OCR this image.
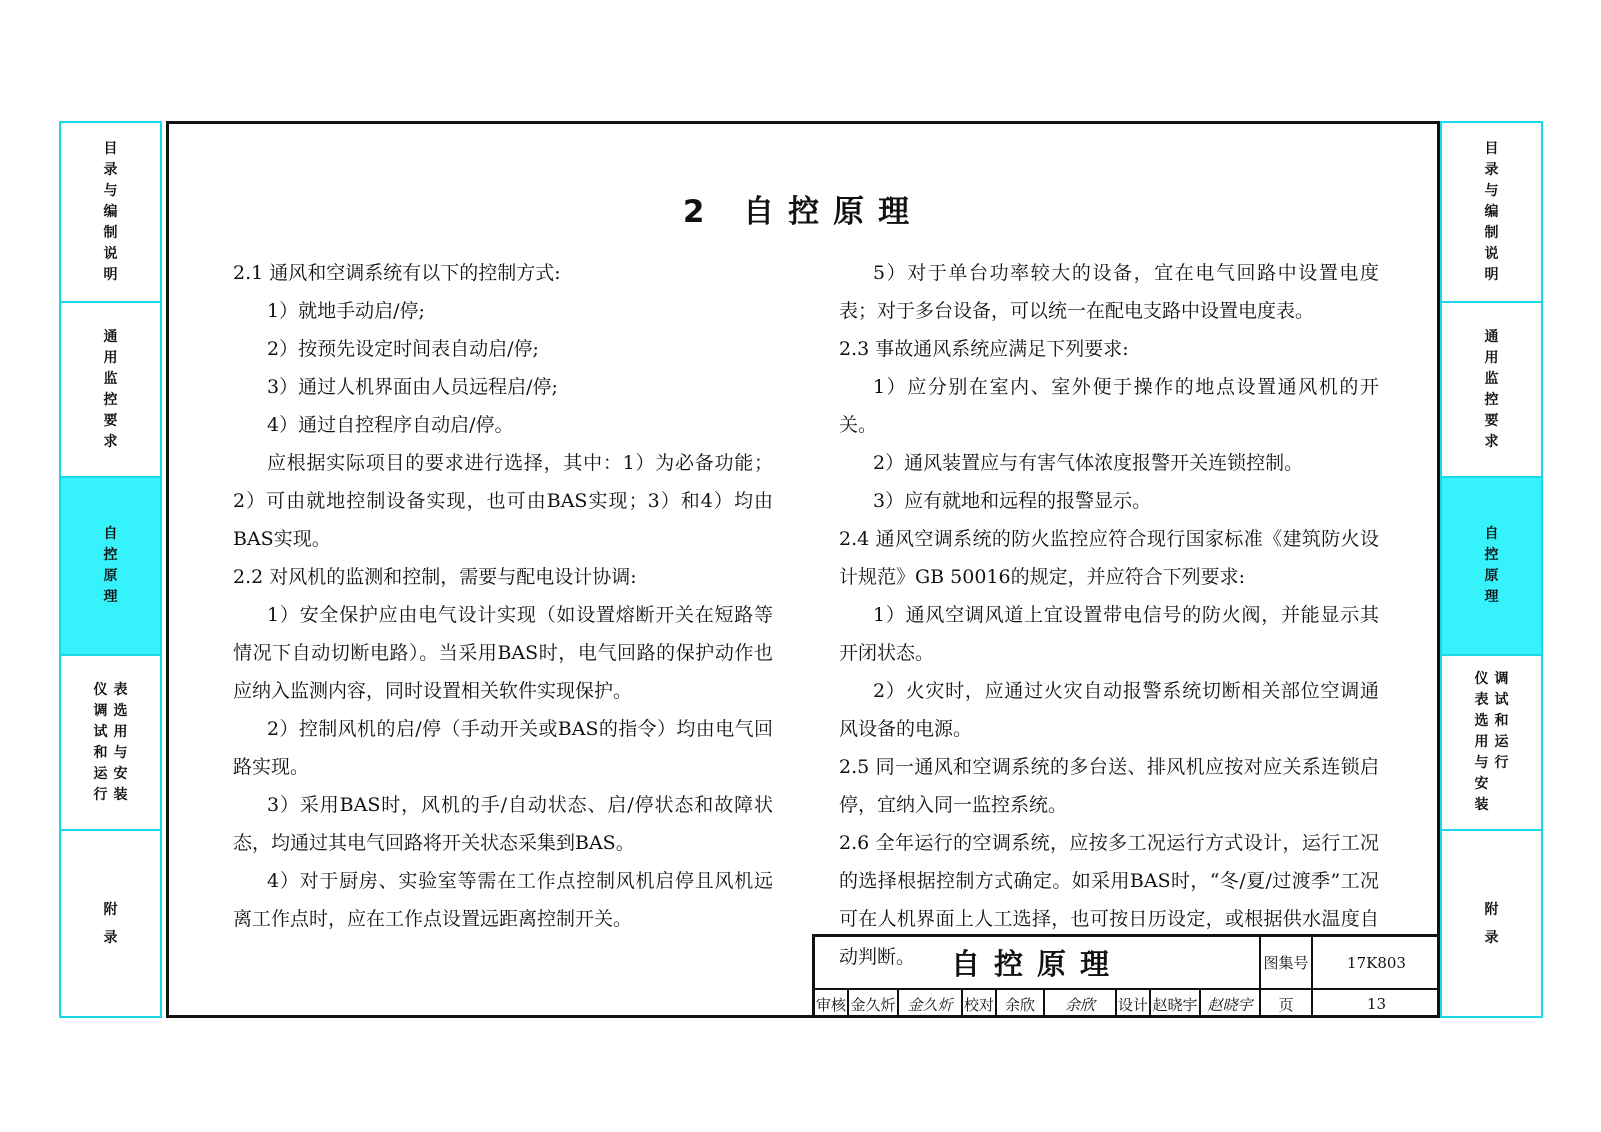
目录与编制说明
通用监控要求
自控原理
仪调试和运行
表选用与安装
附录
目录与编制说明
通用监控要求
自控原理
仪表选用与安装
调试和运行
附录
2 自控原理

2.1 通风和空调系统有以下的控制方式:

1）就地手动启/停;

2）按预先设定时间表自动启/停;

3）通过人机界面由人员远程启/停;

4）通过自控程序自动启/停。

应根据实际项目的要求进行选择，其中：1）为必备功能；2）可由就地控制设备实现，也可由BAS实现；3）和4）均由BAS实现。

2.2 对风机的监测和控制，需要与配电设计协调:

1）安全保护应由电气设计实现（如设置熔断开关在短路等情况下自动切断电路）。当采用BAS时，电气回路的保护动作也应纳入监测内容，同时设置相关软件实现保护。

2）控制风机的启/停（手动开关或BAS的指令）均由电气回路实现。

3）采用BAS时，风机的手/自动状态、启/停状态和故障状态，均通过其电气回路将开关状态采集到BAS。

4）对于厨房、实验室等需在工作点控制风机启停且风机远离工作点时，应在工作点设置远距离控制开关。

5）对于单台功率较大的设备，宜在电气回路中设置电度表；对于多台设备，可以统一在配电支路中设置电度表。

2.3 事故通风系统应满足下列要求:

1）应分别在室内、室外便于操作的地点设置通风机的开关。

2）通风装置应与有害气体浓度报警开关连锁控制。

3）应有就地和远程的报警显示。

2.4 通风空调系统的防火监控应符合现行国家标准《建筑防火设计规范》GB 50016的规定，并应符合下列要求:

1）通风空调风道上宜设置带电信号的防火阀，并能显示其开闭状态。

2）火灾时，应通过火灾自动报警系统切断相关部位空调通风设备的电源。

2.5 同一通风和空调系统的多台送、排风机应按对应关系连锁启停，宜纳入同一监控系统。

2.6 全年运行的空调系统，应按多工况运行方式设计，运行工况的选择根据控制方式确定。如采用BAS时，“冬/夏/过渡季”工况可在人机界面上人工选择，也可按日历设定，或根据供水温度自动判断。	自控原理	图集号	17K803
审核 金久炘 金久炘 校对 余欣	余欣	设计 赵晓宇 赵晓宇	页	13
